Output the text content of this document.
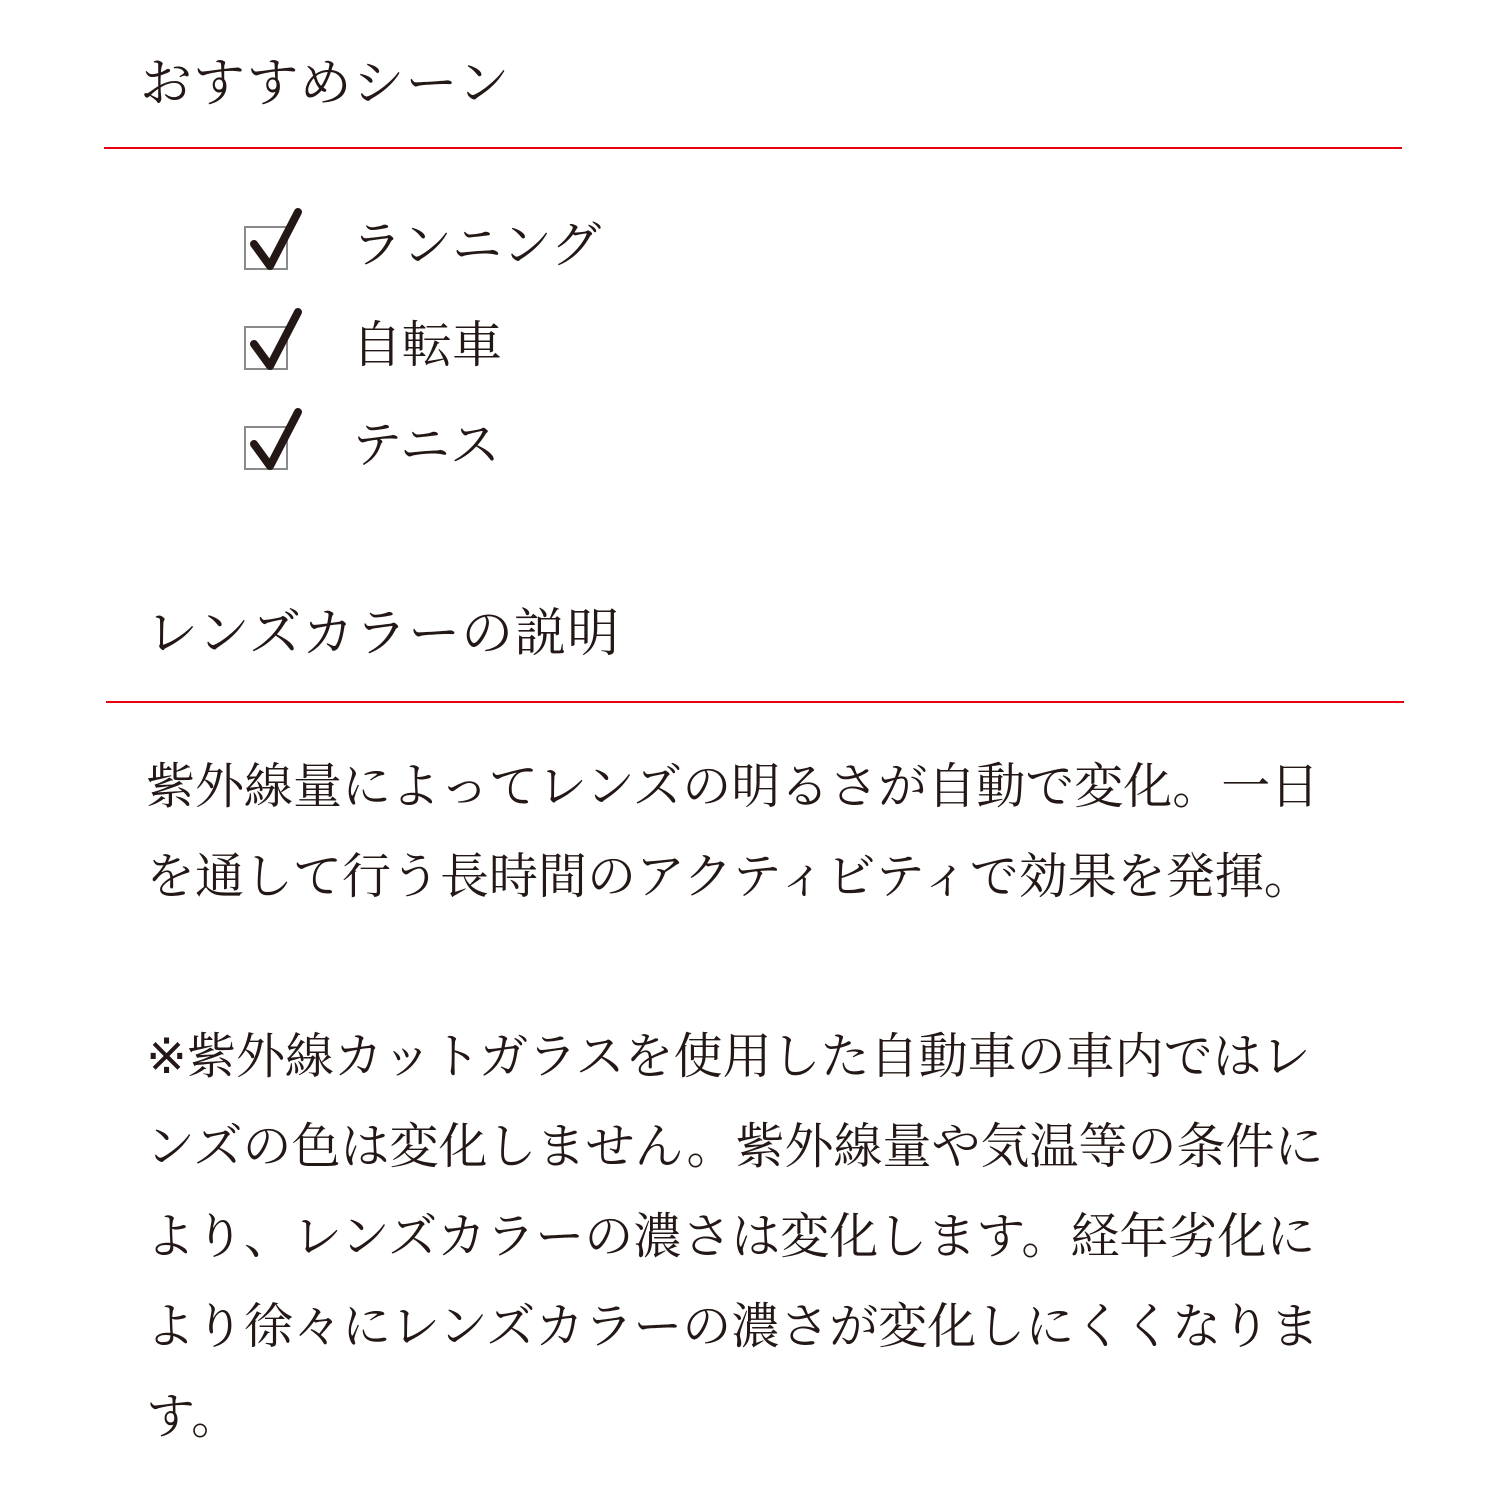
おすすめシーン
ランニング
自転車
テニス
レンズカラーの説明
紫外線量によってレンズの明るさが自動で変化。一日
を通して行う長時間のアクティビティで効果を発揮。
※紫外線カットガラスを使用した自動車の車内ではレ
ンズの色は変化しません。紫外線量や気温等の条件に
より、レンズカラーの濃さは変化します。経年劣化に
より徐々にレンズカラーの濃さが変化しにくくなりま
す。
